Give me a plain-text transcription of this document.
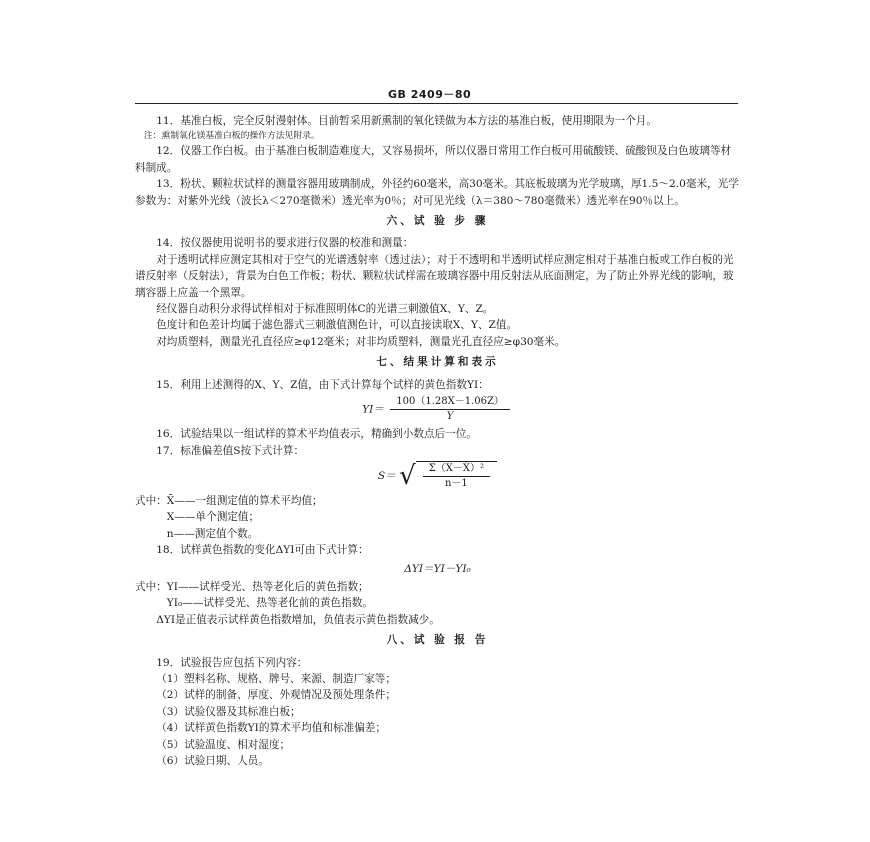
GB 2409－80

11．基准白板，完全反射漫射体。目前暂采用新熏制的氧化镁做为本方法的基准白板，使用期限为一个月。

注：熏制氧化镁基准白板的操作方法见附录。

12．仪器工作白板。由于基准白板制造难度大，又容易损坏，所以仪器日常用工作白板可用硫酸镁、硫酸钡及白色玻璃等材料制成。

13．粉状、颗粒状试样的测量容器用玻璃制成，外径约60毫米，高30毫米。其底板玻璃为光学玻璃，厚1.5～2.0毫米，光学参数为：对紫外光线（波长λ＜270毫微米）透光率为0％；对可见光线（λ＝380～780毫微米）透光率在90％以上。

六、试 验 步 骤

14．按仪器使用说明书的要求进行仪器的校准和测量：

对于透明试样应测定其相对于空气的光谱透射率（透过法）；对于不透明和半透明试样应测定相对于基准白板或工作白板的光谱反射率（反射法），背景为白色工作板；粉状、颗粒状试样需在玻璃容器中用反射法从底面测定，为了防止外界光线的影响，玻璃容器上应盖一个黑罩。

经仪器自动积分求得试样相对于标准照明体C的光谱三刺激值X、Y、Z。

色度计和色差计均属于滤色器式三刺激值测色计，可以直接读取X、Y、Z值。

对均质塑料，测量光孔直径应≥φ12毫米；对非均质塑料，测量光孔直径应≥φ30毫米。

七、结果计算和表示

15．利用上述测得的X、Y、Z值，由下式计算每个试样的黄色指数YI：

$YI= \frac{100(1.28X-1.06Z)}{Y}$

16．试验结果以一组试样的算术平均值表示，精确到小数点后一位。

17．标准偏差值S按下式计算：

S＝ √ $\frac{\text{Σ（X－X̄）²}}{n-1}$

式中：X̄——一组测定值的算术平均值；

X——单个测定值；

n——测定值个数。

18．试样黄色指数的变化ΔYI可由下式计算：

ΔYI＝YI－YI₀

式中：YI——试样受光、热等老化后的黄色指数；

YI₀——试样受光、热等老化前的黄色指数。

ΔYI是正值表示试样黄色指数增加，负值表示黄色指数减少。

八、试 验 报 告

19．试验报告应包括下列内容：

（1）塑料名称、规格、牌号、来源、制造厂家等；

（2）试样的制备、厚度、外观情况及预处理条件；

（3）试验仪器及其标准白板；

（4）试样黄色指数YI的算术平均值和标准偏差；

（5）试验温度、相对湿度；

（6）试验日期、人员。
